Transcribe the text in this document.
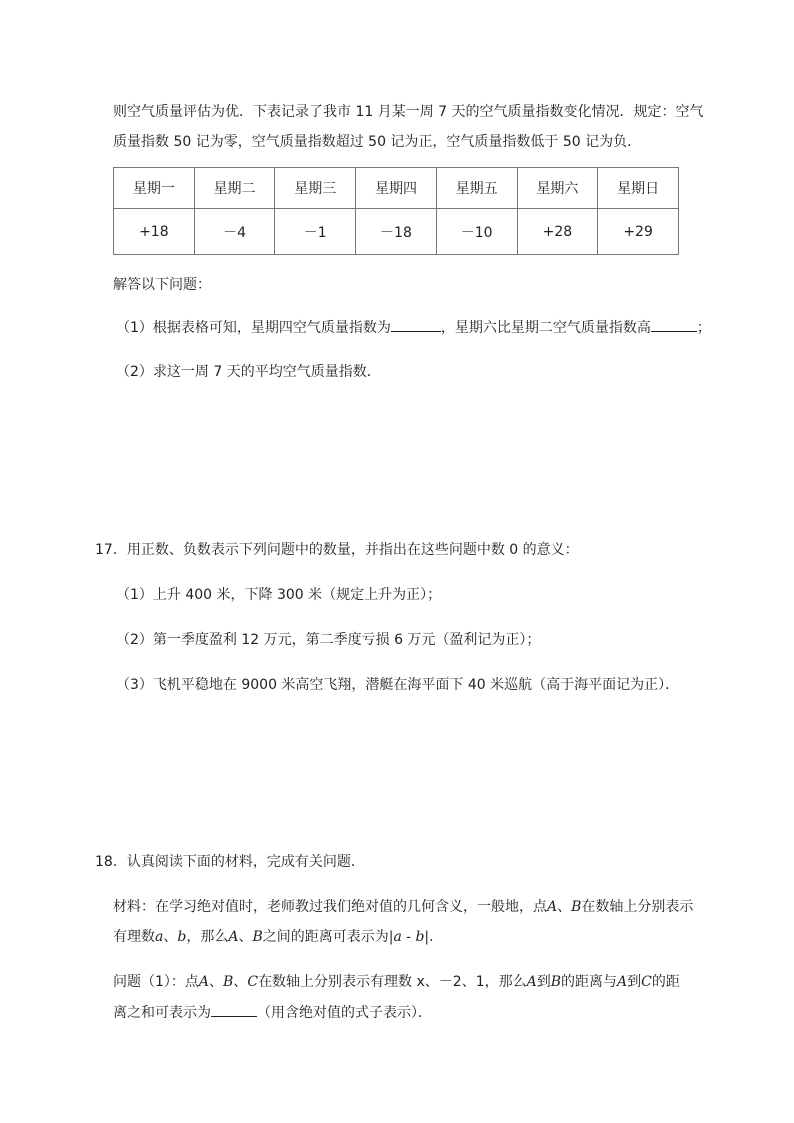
则空气质量评估为优．下表记录了我市 11 月某一周 7 天的空气质量指数变化情况．规定：空气
质量指数 50 记为零，空气质量指数超过 50 记为正，空气质量指数低于 50 记为负．
星期一	星期二	星期三	星期四	星期五	星期六	星期日
+18	－4	－1	－18	－10	+28	+29
解答以下问题：
（1）根据表格可知，星期四空气质量指数为	，星期六比星期二空气质量指数高	；
（2）求这一周 7 天的平均空气质量指数．
17．用正数、负数表示下列问题中的数量，并指出在这些问题中数 0 的意义：
（1）上升 400 米，下降 300 米（规定上升为正）；
（2）第一季度盈利 12 万元，第二季度亏损 6 万元（盈利记为正）；
（3）飞机平稳地在 9000 米高空飞翔，潜艇在海平面下 40 米巡航（高于海平面记为正）．
18．认真阅读下面的材料，完成有关问题．
材料：在学习绝对值时，老师教过我们绝对值的几何含义，一般地，点A、B在数轴上分别表示
有理数a、b，那么A、B之间的距离可表示为|a - b|.
问题（1）：点A、B、C在数轴上分别表示有理数 x、－2、1，那么A到B的距离与A到C的距
离之和可表示为	（用含绝对值的式子表示）．
